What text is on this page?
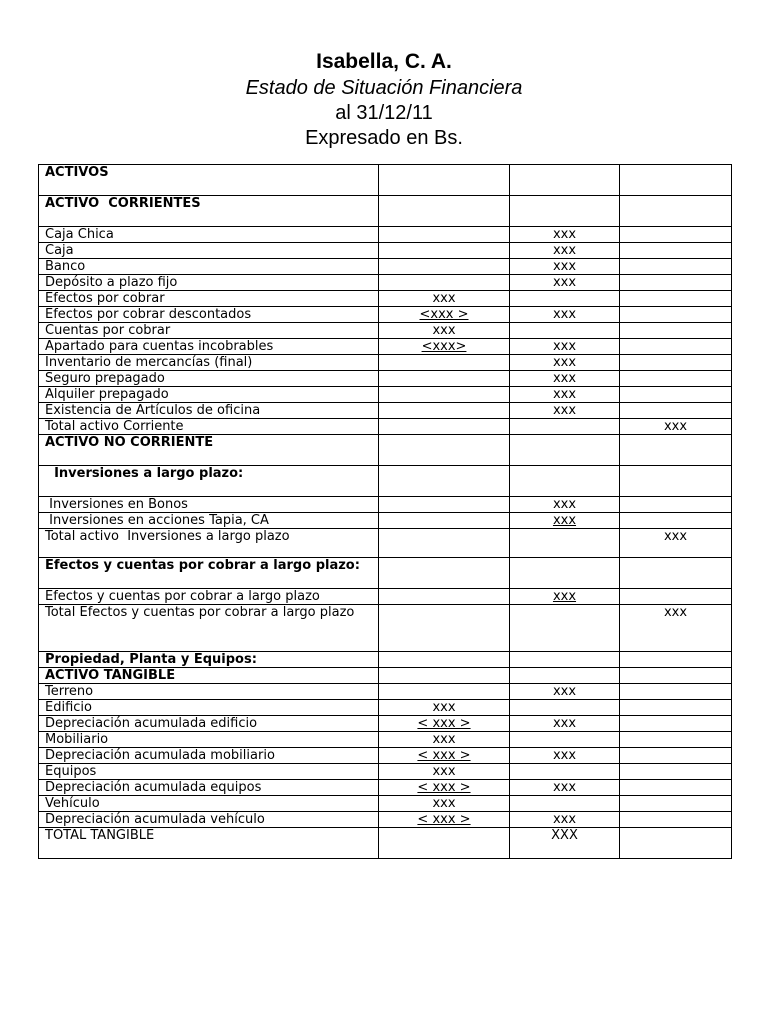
Isabella, C. A.
Estado de Situación Financiera
al 31/12/11
Expresado en Bs.
ACTIVOS			
ACTIVO  CORRIENTES			
Caja Chica		xxx	
Caja		xxx	
Banco		xxx	
Depósito a plazo fijo		xxx	
Efectos por cobrar	xxx		
Efectos por cobrar descontados	<xxx >	xxx	
Cuentas por cobrar	xxx		
Apartado para cuentas incobrables	<xxx>	xxx	
Inventario de mercancías (final)		xxx	
Seguro prepagado		xxx	
Alquiler prepagado		xxx	
Existencia de Artículos de oficina		xxx	
Total activo Corriente			xxx
ACTIVO NO CORRIENTE			
Inversiones a largo plazo:			
Inversiones en Bonos		xxx	
Inversiones en acciones Tapia, CA		xxx	
Total activo  Inversiones a largo plazo			xxx
Efectos y cuentas por cobrar a largo plazo:			
Efectos y cuentas por cobrar a largo plazo		xxx	
Total Efectos y cuentas por cobrar a largo plazo			xxx
Propiedad, Planta y Equipos:			
ACTIVO TANGIBLE			
Terreno		xxx	
Edificio	xxx		
Depreciación acumulada edificio	< xxx >	xxx	
Mobiliario	xxx		
Depreciación acumulada mobiliario	< xxx >	xxx	
Equipos	xxx		
Depreciación acumulada equipos	< xxx >	xxx	
Vehículo	xxx		
Depreciación acumulada vehículo	< xxx >	xxx	
TOTAL TANGIBLE		XXX	
